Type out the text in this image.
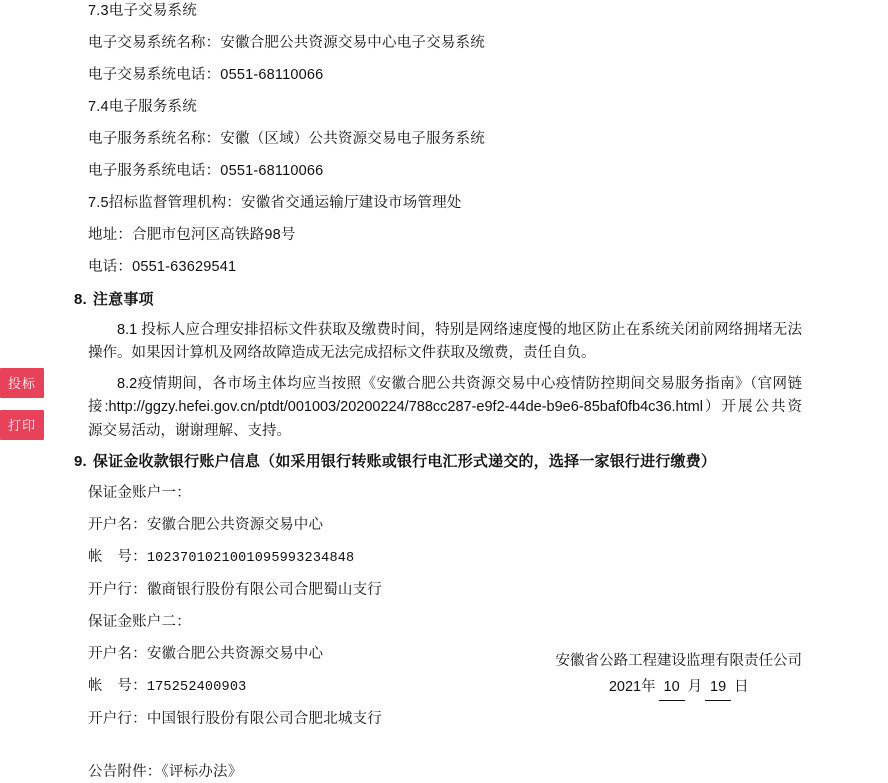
7.3电子交易系统

电子交易系统名称：安徽合肥公共资源交易中心电子交易系统

电子交易系统电话：0551-68110066

7.4电子服务系统

电子服务系统名称：安徽（区域）公共资源交易电子服务系统

电子服务系统电话：0551-68110066

7.5招标监督管理机构：安徽省交通运输厅建设市场管理处

地址：合肥市包河区高铁路98号

电话：0551-63629541

8. 注意事项

8.1 投标人应合理安排招标文件获取及缴费时间，特别是网络速度慢的地区防止在系统关闭前网络拥堵无法操作。如果因计算机及网络故障造成无法完成招标文件获取及缴费，责任自负。

8.2疫情期间，各市场主体均应当按照《安徽合肥公共资源交易中心疫情防控期间交易服务指南》（官网链接:http://ggzy.hefei.gov.cn/ptdt/001003/20200224/788cc287-e9f2-44de-b9e6-85baf0fb4c36.html）开展公共资源交易活动，谢谢理解、支持。

9. 保证金收款银行账户信息（如采用银行转账或银行电汇形式递交的，选择一家银行进行缴费）

保证金账户一：

开户名：安徽合肥公共资源交易中心

帐　号：1023701021001095993234848

开户行：徽商银行股份有限公司合肥蜀山支行

保证金账户二：

开户名：安徽合肥公共资源交易中心

帐　号：175252400903

开户行：中国银行股份有限公司合肥北城支行

公告附件：《评标办法》

安徽省公路工程建设监理有限责任公司
2021年 10 月 19 日
投标
打印
